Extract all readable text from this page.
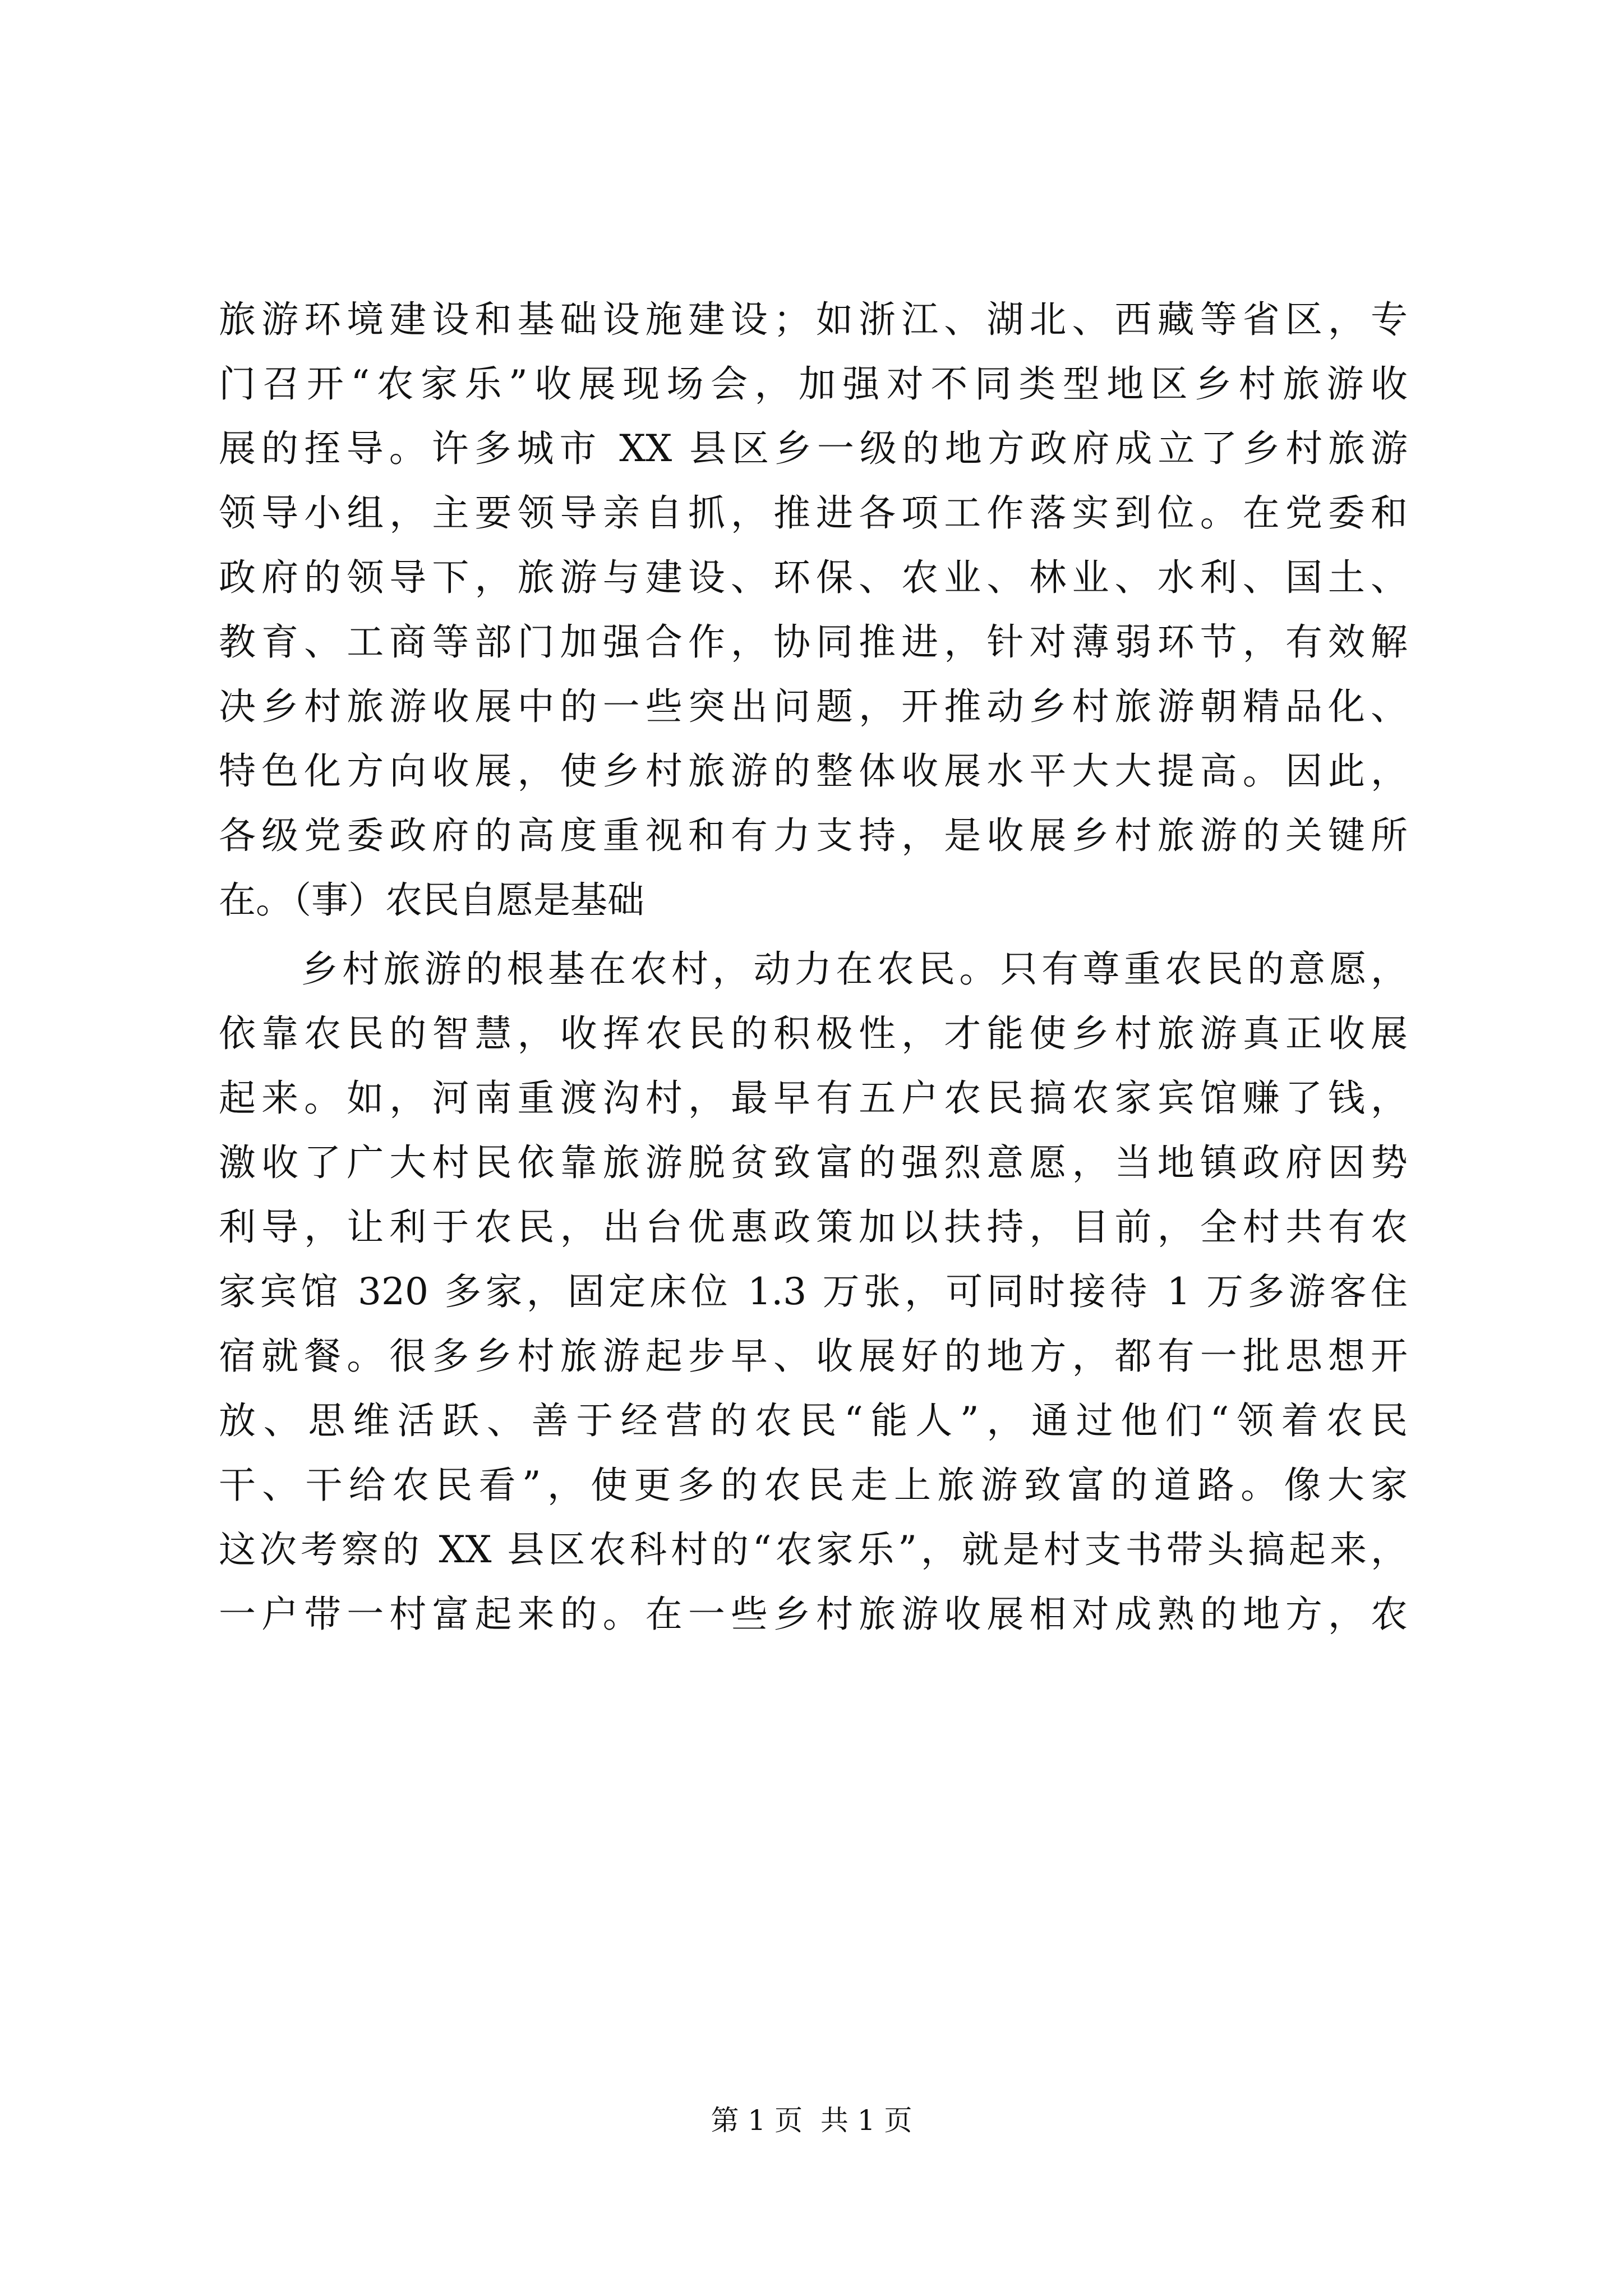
旅游环境建设和基础设施建设；如浙江、湖北、西藏等省区，专
门召开“农家乐”收展现场会，加强对不同类型地区乡村旅游收
展的挃导。许多城市 XX 县区乡一级的地方政府成立了乡村旅游
领导小组，主要领导亲自抓，推进各项工作落实到位。在党委和
政府的领导下，旅游与建设、环保、农业、林业、水利、国土、
教育、工商等部门加强合作，协同推进，针对薄弱环节，有效解
决乡村旅游收展中的一些突出问题，开推动乡村旅游朝精品化、
特色化方向收展，使乡村旅游的整体收展水平大大提高。因此，
各级党委政府的高度重视和有力支持，是收展乡村旅游的关键所
在。（事）农民自愿是基础
　　乡村旅游的根基在农村，动力在农民。只有尊重农民的意愿，
依靠农民的智慧，收挥农民的积极性，才能使乡村旅游真正收展
起来。如，河南重渡沟村，最早有五户农民搞农家宾馆赚了钱，
激收了广大村民依靠旅游脱贫致富的强烈意愿，当地镇政府因势
利导，让利于农民，出台优惠政策加以扶持，目前，全村共有农
家宾馆 320 多家，固定床位 1.3 万张，可同时接待 1 万多游客住
宿就餐。很多乡村旅游起步早、收展好的地方，都有一批思想开
放、思维活跃、善于经营的农民“能人”，通过他们“领着农民
干、干给农民看”，使更多的农民走上旅游致富的道路。像大家
这次考察的 XX 县区农科村的“农家乐”，就是村支书带头搞起来，
一户带一村富起来的。在一些乡村旅游收展相对成熟的地方，农
第 1 页  共 1 页
